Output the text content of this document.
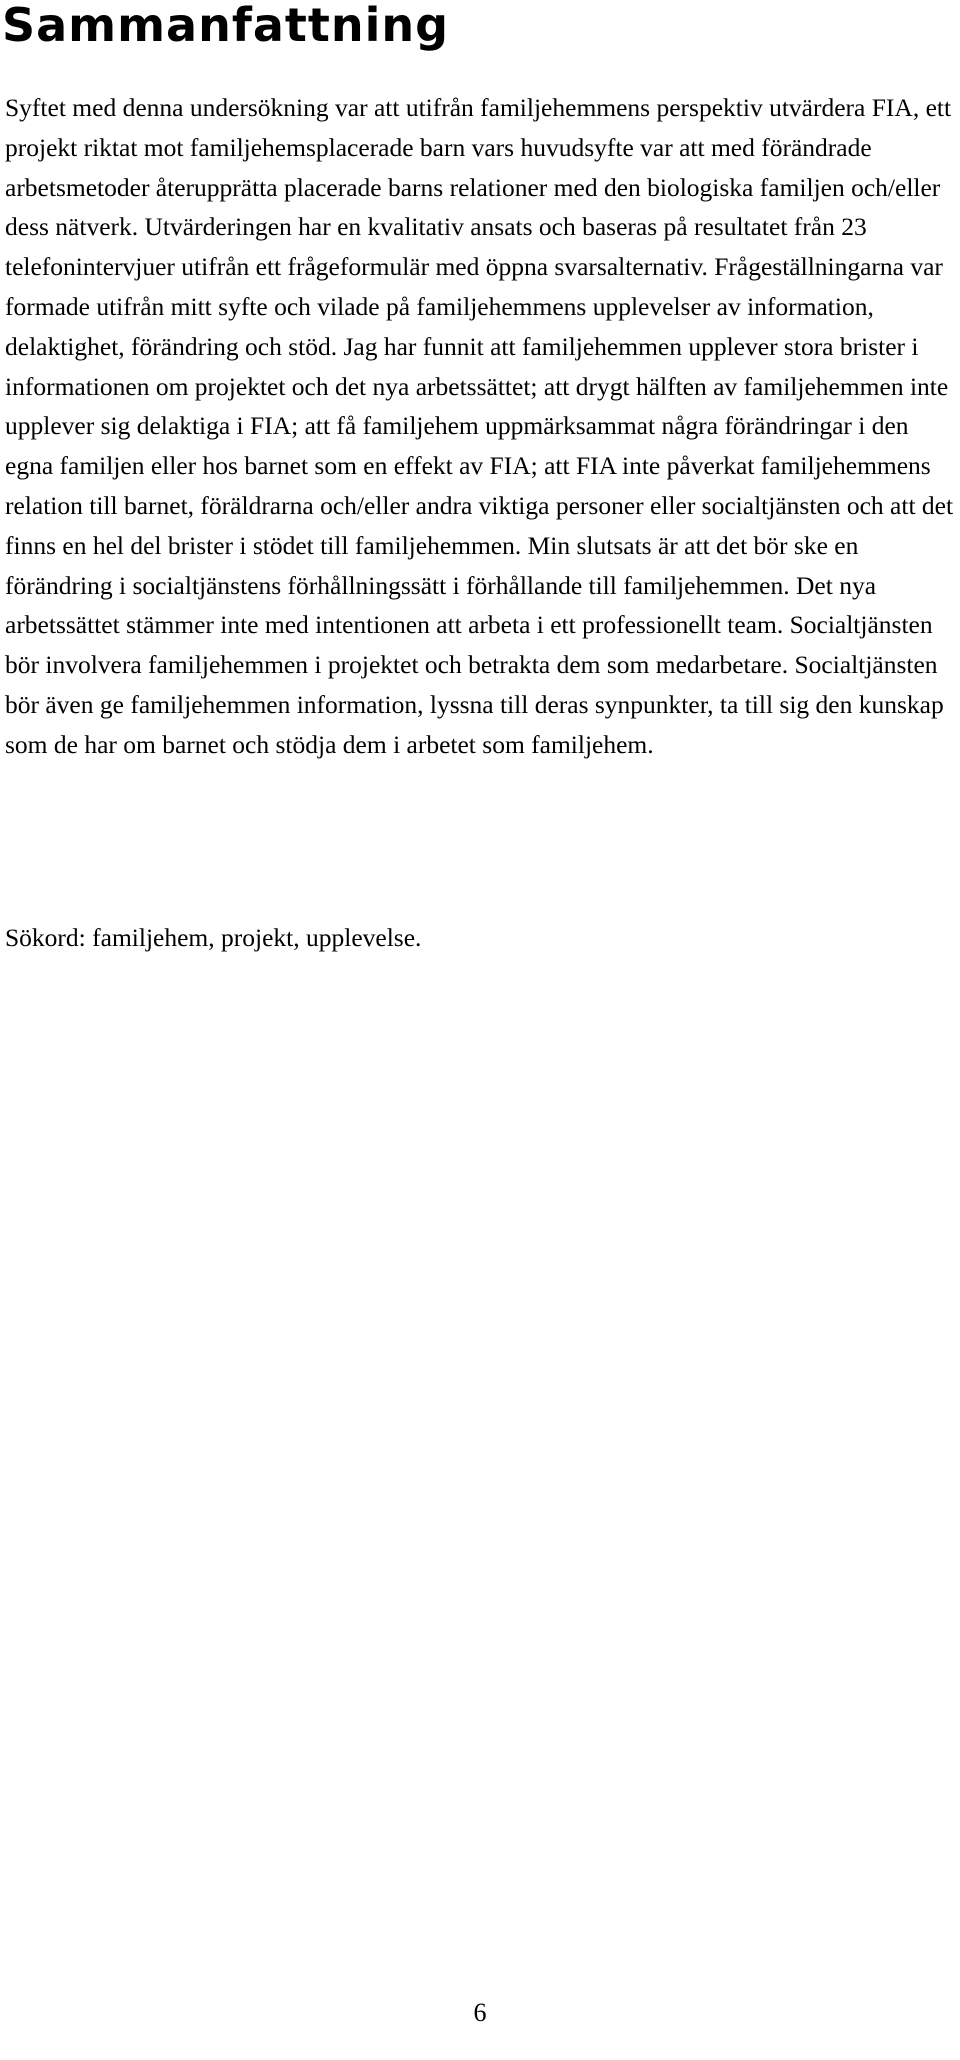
Sammanfattning

Syftet med denna undersökning var att utifrån familjehemmens perspektiv utvärdera FIA, ett projekt riktat mot familjehemsplacerade barn vars huvudsyfte var att med förändrade arbetsmetoder återupprätta placerade barns relationer med den biologiska familjen och/eller dess nätverk. Utvärderingen har en kvalitativ ansats och baseras på resultatet från 23 telefonintervjuer utifrån ett frågeformulär med öppna svarsalternativ. Frågeställningarna var formade utifrån mitt syfte och vilade på familjehemmens upplevelser av information, delaktighet, förändring och stöd. Jag har funnit att familjehemmen upplever stora brister i informationen om projektet och det nya arbetssättet; att drygt hälften av familjehemmen inte upplever sig delaktiga i FIA; att få familjehem uppmärksammat några förändringar i den egna familjen eller hos barnet som en effekt av FIA; att FIA inte påverkat familjehemmens relation till barnet, föräldrarna och/eller andra viktiga personer eller socialtjänsten och att det finns en hel del brister i stödet till familjehemmen. Min slutsats är att det bör ske en förändring i socialtjänstens förhållningssätt i förhållande till familjehemmen. Det nya arbetssättet stämmer inte med intentionen att arbeta i ett professionellt team. Socialtjänsten bör involvera familjehemmen i projektet och betrakta dem som medarbetare. Socialtjänsten bör även ge familjehemmen information, lyssna till deras synpunkter, ta till sig den kunskap som de har om barnet och stödja dem i arbetet som familjehem.

Sökord: familjehem, projekt, upplevelse.

6
